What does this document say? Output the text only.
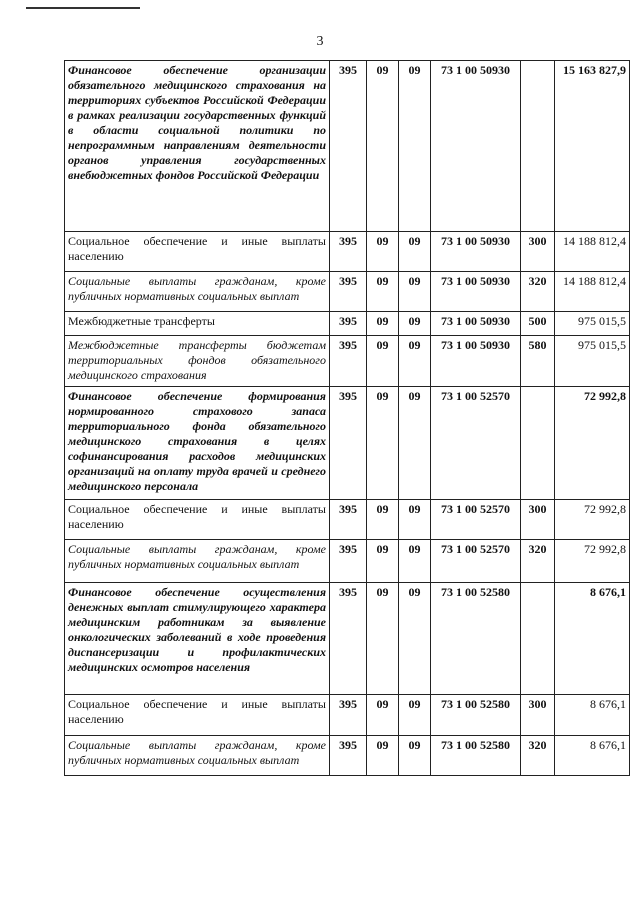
3
Финансовое обеспечение организации обязательного медицинского страхования на территориях субъектов Российской Федерации в рамках реализации государственных функций в области социальной политики по непрограммным направлениям деятельности органов управления государственных внебюджетных фондов Российской Федерации	395	09	09	73 1 00 50930		15 163 827,9
Социальное обеспечение и иные выплаты населению	395	09	09	73 1 00 50930	300	14 188 812,4
Социальные выплаты гражданам, кроме публичных нормативных социальных выплат	395	09	09	73 1 00 50930	320	14 188 812,4
Межбюджетные трансферты	395	09	09	73 1 00 50930	500	975 015,5
Межбюджетные трансферты бюджетам территориальных фондов обязательного медицинского страхования	395	09	09	73 1 00 50930	580	975 015,5
Финансовое обеспечение формирования нормированного страхового запаса территориального фонда обязательного медицинского страхования в целях софинансирования расходов медицинских организаций на оплату труда врачей и среднего медицинского персонала	395	09	09	73 1 00 52570		72 992,8
Социальное обеспечение и иные выплаты населению	395	09	09	73 1 00 52570	300	72 992,8
Социальные выплаты гражданам, кроме публичных нормативных социальных выплат	395	09	09	73 1 00 52570	320	72 992,8
Финансовое обеспечение осуществления денежных выплат стимулирующего характера медицинским работникам за выявление онкологических заболеваний в ходе проведения диспансеризации и профилактических медицинских осмотров населения	395	09	09	73 1 00 52580		8 676,1
Социальное обеспечение и иные выплаты населению	395	09	09	73 1 00 52580	300	8 676,1
Социальные выплаты гражданам, кроме публичных нормативных социальных выплат	395	09	09	73 1 00 52580	320	8 676,1
